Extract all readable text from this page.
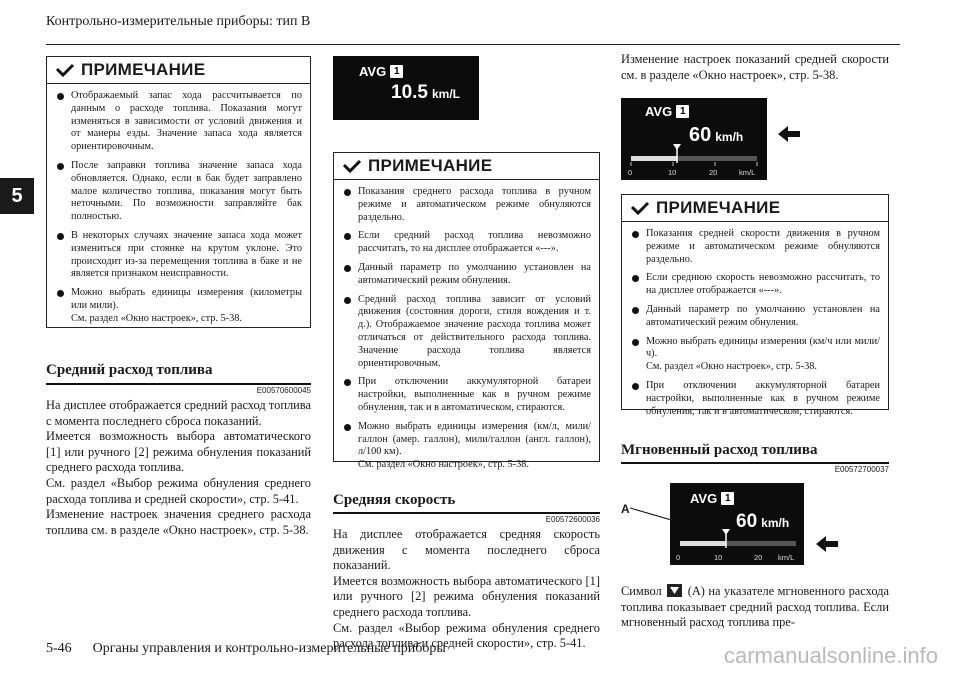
Контрольно-измерительные приборы: тип В
5
ПРИМЕЧАНИЕ
Отображаемый запас хода рассчитывается по данным о расходе топлива. Показания могут изменяться в зависимости от условий движения и от манеры езды. Значение запаса хода является ориентировочным.
После заправки топлива значение запаса хода обновляется. Однако, если в бак будет заправлено малое количество топлива, показания могут быть неточными. По возможности заправляйте бак полностью.
В некоторых случаях значение запаса хода может измениться при стоянке на крутом уклоне. Это происходит из-за перемещения топлива в баке и не является признаком неисправности.
Можно выбрать единицы измерения (километры или мили).
См. раздел «Окно настроек», стр. 5-38.
Средний расход топлива
E00570600045

На дисплее отображается средний расход топлива с момента последнего сброса показаний.

Имеется возможность выбора автоматического [1] или ручного [2] режима обнуления показаний среднего расхода топлива.

См. раздел «Выбор режима обнуления среднего расхода топлива и средней скорости», стр. 5-41.

Изменение настроек значения среднего расхода топлива см. в разделе «Окно настроек», стр. 5-38.

AVG 1
10.5 km/L
ПРИМЕЧАНИЕ
Показания среднего расхода топлива в ручном режиме и автоматическом режиме обнуляются раздельно.
Если средний расход топлива невозможно рассчитать, то на дисплее отображается «---».
Данный параметр по умолчанию установлен на автоматический режим обнуления.
Средний расход топлива зависит от условий движения (состояния дороги, стиля вождения и т. д.). Отображаемое значение расхода топлива может отличаться от действительного расхода топлива. Значение расхода топлива является ориентировочным.
При отключении аккумуляторной батареи настройки, выполненные как в ручном режиме обнуления, так и в автоматическом, стираются.
Можно выбрать единицы измерения (км/л, мили/галлон (амер. галлон), мили/галлон (англ. галлон), л/100 км).
См. раздел «Окно настроек», стр. 5-38.
Средняя скорость
E00572600036

На дисплее отображается средняя скорость движения с момента последнего сброса показаний.

Имеется возможность выбора автоматического [1] или ручного [2] режима обнуления показаний среднего расхода топлива.

См. раздел «Выбор режима обнуления среднего расхода топлива и средней скорости», стр. 5-41.

Изменение настроек показаний средней скорости см. в разделе «Окно настроек», стр. 5-38.
AVG 1
60 km/h
0	10	20	km/L
ПРИМЕЧАНИЕ
Показания средней скорости движения в ручном режиме и автоматическом режиме обнуляются раздельно.
Если среднюю скорость невозможно рассчитать, то на дисплее отображается «---».
Данный параметр по умолчанию установлен на автоматический режим обнуления.
Можно выбрать единицы измерения (км/ч или мили/ч).
См. раздел «Окно настроек», стр. 5-38.
При отключении аккумуляторной батареи настройки, выполненные как в ручном режиме обнуления, так и в автоматическом, стираются.
Мгновенный расход топлива
E00572700037
A
AVG 1
60 km/h
0	10	20 km/L
Символ (A) на указателе мгновенного расхода топлива показывает средний расход топлива. Если мгновенный расход топлива пре-
5-46 Органы управления и контрольно-измерительные приборы	carmanualsonline.info
